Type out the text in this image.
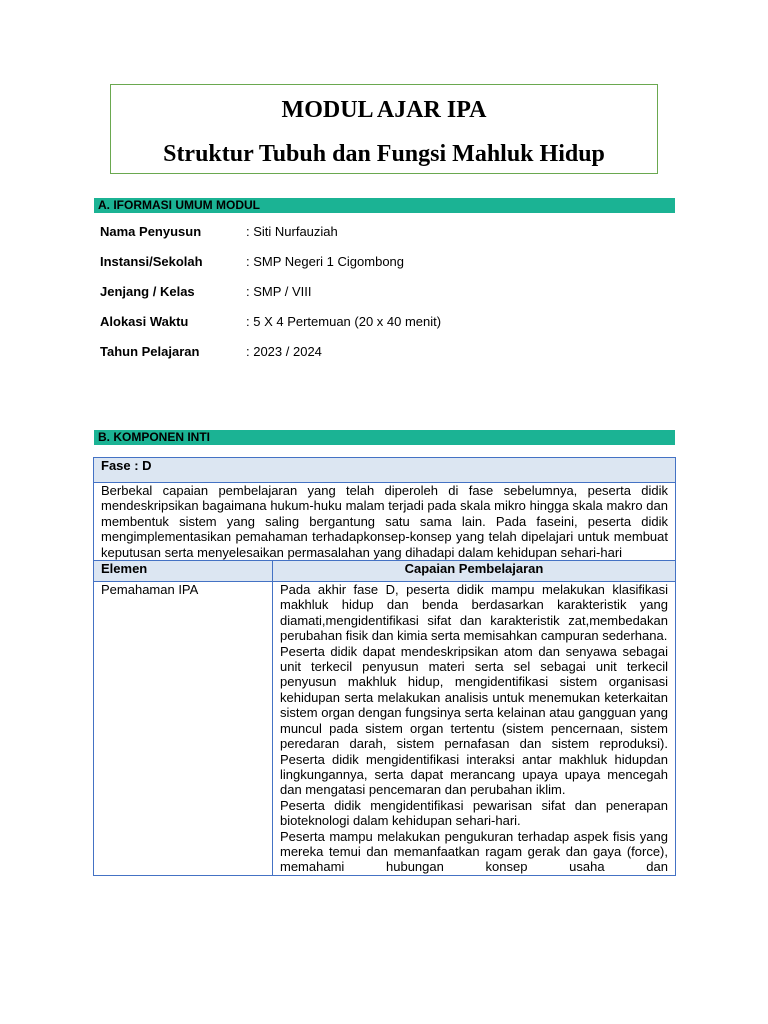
MODUL AJAR IPA
Struktur Tubuh dan Fungsi Mahluk Hidup
A. IFORMASI UMUM MODUL
Nama Penyusun	: Siti Nurfauziah
Instansi/Sekolah	: SMP Negeri 1 Cigombong
Jenjang / Kelas	: SMP / VIII
Alokasi Waktu	: 5 X 4 Pertemuan (20 x 40 menit)
Tahun Pelajaran	: 2023 / 2024
B. KOMPONEN INTI
Fase : D	
Berbekal capaian pembelajaran yang telah diperoleh di fase sebelumnya, peserta didik mendeskripsikan bagaimana hukum-huku malam terjadi pada skala mikro hingga skala makro dan membentuk sistem yang saling bergantung satu sama lain. Pada faseini, peserta didik mengimplementasikan pemahaman terhadapkonsep-konsep yang telah dipelajari untuk membuat keputusan serta menyelesaikan permasalahan yang dihadapi dalam kehidupan sehari-hari	
Elemen	Capaian Pembelajaran
Pemahaman IPA	Pada akhir fase D, peserta didik mampu melakukan klasifikasi makhluk hidup dan benda berdasarkan karakteristik yang diamati,mengidentifikasi sifat dan karakteristik zat,membedakan perubahan fisik dan kimia serta memisahkan campuran sederhana.

Peserta didik dapat mendeskripsikan atom dan senyawa sebagai unit terkecil penyusun materi serta sel sebagai unit terkecil penyusun makhluk hidup, mengidentifikasi sistem organisasi kehidupan serta melakukan analisis untuk menemukan keterkaitan sistem organ dengan fungsinya serta kelainan atau gangguan yang muncul pada sistem organ tertentu (sistem pencernaan, sistem peredaran darah, sistem pernafasan dan sistem reproduksi). Peserta didik mengidentifikasi interaksi antar makhluk hidupdan lingkungannya, serta dapat merancang upaya upaya mencegah dan mengatasi pencemaran dan perubahan iklim.

Peserta didik mengidentifikasi pewarisan sifat dan penerapan bioteknologi dalam kehidupan sehari-hari.

Peserta mampu melakukan pengukuran terhadap aspek fisis yang mereka temui dan memanfaatkan ragam gerak dan gaya (force), memahami hubungan konsep usaha dan
